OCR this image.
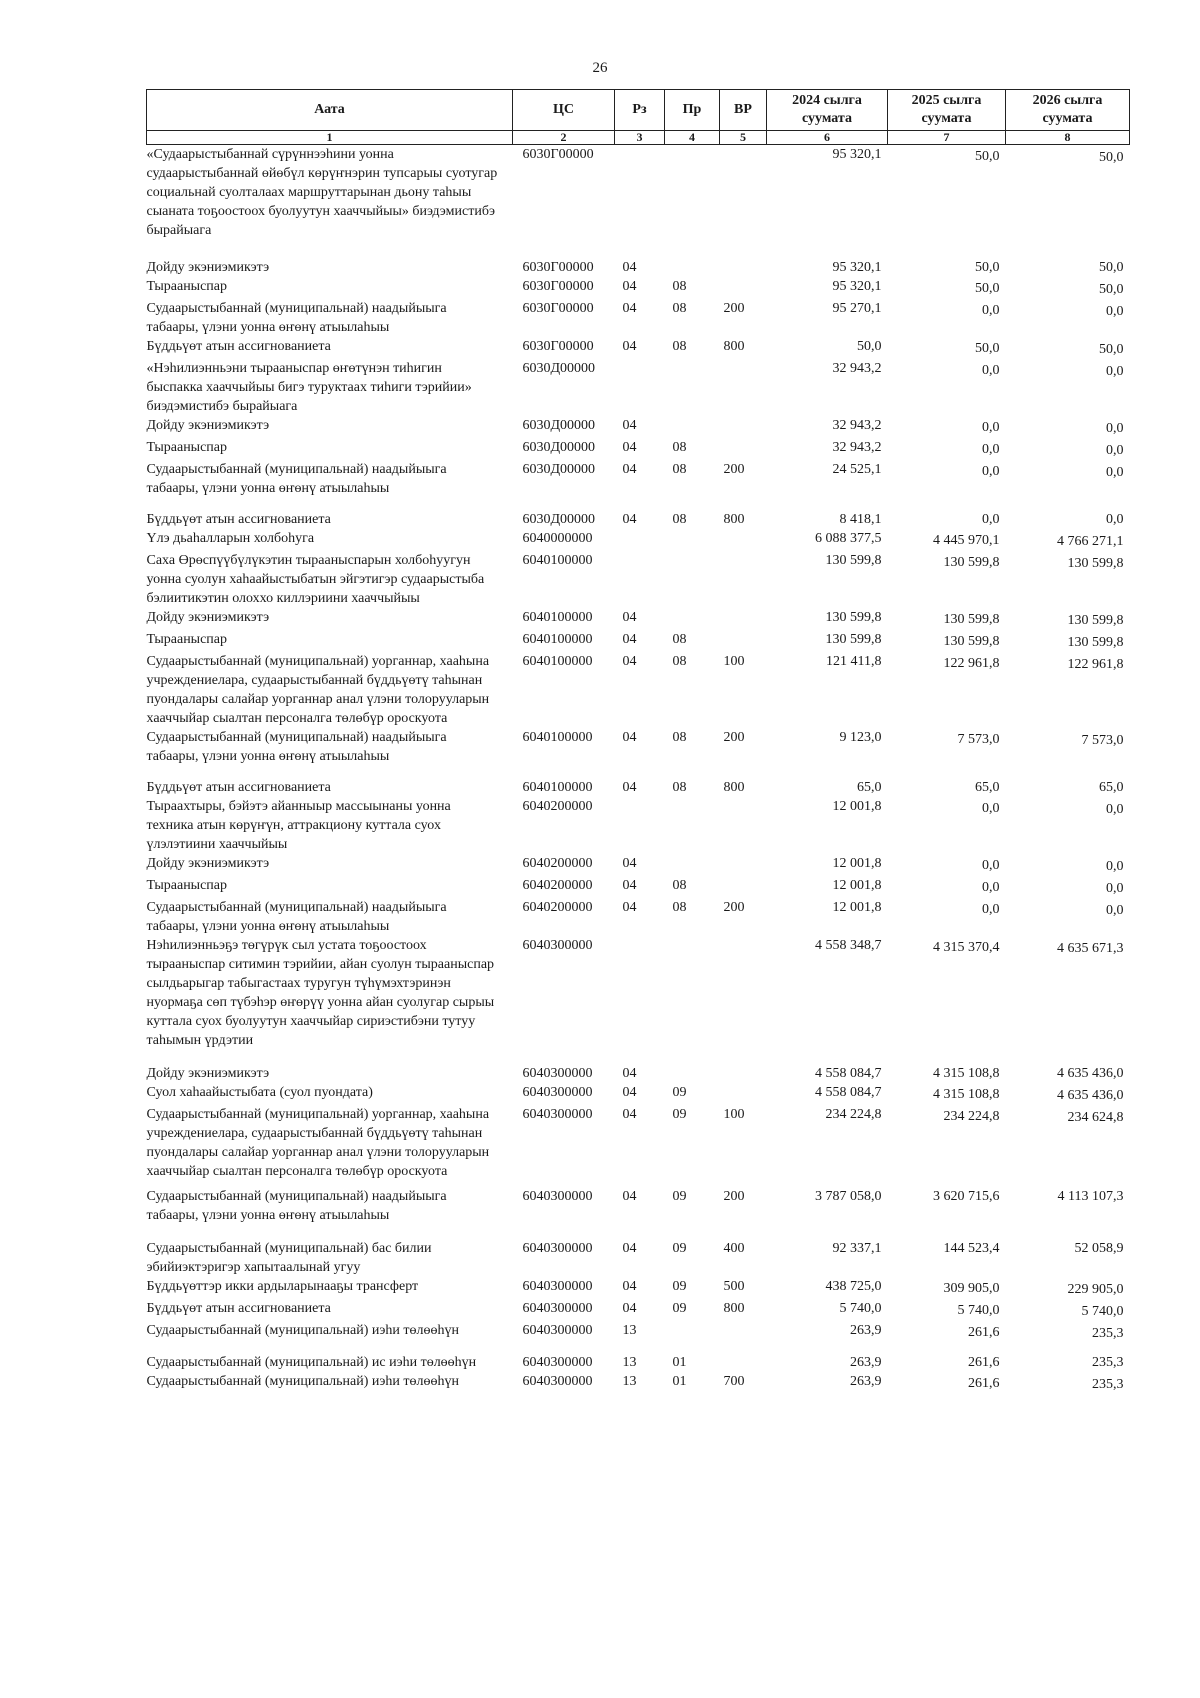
26
Аата	ЦС	Рз	Пр	ВР	2024 сылга суумата	2025 сылга суумата	2026 сылга суумата
1	2	3	4	5	6	7	8
«Судаарыстыбаннай сүрүннээhини уонна судаарыстыбаннай өйөбүл көрүҥнэрин тупсарыы суотугар социальнай суолталаах маршруттарынан дьону таhыы сыаната тоҕоостоох буолуутун хааччыйыы» биэдэмистибэ бырайыага	6030Г00000				95 320,1	50,0	50,0
Дойду экэниэмикэтэ	6030Г00000	04			95 320,1	50,0	50,0
Тырааныспар	6030Г00000	04	08		95 320,1	50,0	50,0
Судаарыстыбаннай (муниципальнай) наадыйыыга табаары, үлэни уонна өҥөнү атыылаhыы	6030Г00000	04	08	200	95 270,1	0,0	0,0
Бүддьүөт атын ассигнованиета	6030Г00000	04	08	800	50,0	50,0	50,0
«Нэhилиэнньэни тырааныспар өҥөтүнэн тиhигин быспакка хааччыйыы бигэ туруктаах тиhиги тэрийии» биэдэмистибэ бырайыага	6030Д00000				32 943,2	0,0	0,0
Дойду экэниэмикэтэ	6030Д00000	04			32 943,2	0,0	0,0
Тырааныспар	6030Д00000	04	08		32 943,2	0,0	0,0
Судаарыстыбаннай (муниципальнай) наадыйыыга табаары, үлэни уонна өҥөнү атыылаhыы	6030Д00000	04	08	200	24 525,1	0,0	0,0
Бүддьүөт атын ассигнованиета	6030Д00000	04	08	800	8 418,1	0,0	0,0
Үлэ дьаhалларын холбоhуга	6040000000				6 088 377,5	4 445 970,1	4 766 271,1
Саха Өрөспүүбүлүкэтин тырааныспарын холбоhуугун уонна суолун хаhаайыстыбатын эйгэтигэр судаарыстыба бэлиитикэтин олоххо киллэриини хааччыйыы	6040100000				130 599,8	130 599,8	130 599,8
Дойду экэниэмикэтэ	6040100000	04			130 599,8	130 599,8	130 599,8
Тырааныспар	6040100000	04	08		130 599,8	130 599,8	130 599,8
Судаарыстыбаннай (муниципальнай) уорганнар, хааhына учреждениелара, судаарыстыбаннай бүддьүөтү таhынан пуондалары салайар уорганнар анал үлэни толорууларын хааччыйар сыалтан персоналга төлөбүр ороскуота	6040100000	04	08	100	121 411,8	122 961,8	122 961,8
Судаарыстыбаннай (муниципальнай) наадыйыыга табаары, үлэни уонна өҥөнү атыылаhыы	6040100000	04	08	200	9 123,0	7 573,0	7 573,0
Бүддьүөт атын ассигнованиета	6040100000	04	08	800	65,0	65,0	65,0
Тыраахтыры, бэйэтэ айанныыр массыынаны уонна техника атын көрүҥүн, аттракциону куттала суох үлэлэтиини хааччыйыы	6040200000				12 001,8	0,0	0,0
Дойду экэниэмикэтэ	6040200000	04			12 001,8	0,0	0,0
Тырааныспар	6040200000	04	08		12 001,8	0,0	0,0
Судаарыстыбаннай (муниципальнай) наадыйыыга табаары, үлэни уонна өҥөнү атыылаhыы	6040200000	04	08	200	12 001,8	0,0	0,0
Нэhилиэнньэҕэ төгүрүк сыл устата тоҕоостоох тырааныспар ситимин тэрийии, айан суолун тырааныспар сылдьарыгар табыгастаах туругун түhүмэхтэринэн нуормаҕа сөп түбэhэр өҥөрүү уонна айан суолугар сырыы куттала суох буолуутун хааччыйар сириэстибэни тутуу таhымын үрдэтии	6040300000				4 558 348,7	4 315 370,4	4 635 671,3
Дойду экэниэмикэтэ	6040300000	04			4 558 084,7	4 315 108,8	4 635 436,0
Суол хаhаайыстыбата (суол пуондата)	6040300000	04	09		4 558 084,7	4 315 108,8	4 635 436,0
Судаарыстыбаннай (муниципальнай) уорганнар, хааhына учреждениелара, судаарыстыбаннай бүддьүөтү таhынан пуондалары салайар уорганнар анал үлэни толорууларын хааччыйар сыалтан персоналга төлөбүр ороскуота	6040300000	04	09	100	234 224,8	234 224,8	234 624,8
Судаарыстыбаннай (муниципальнай) наадыйыыга табаары, үлэни уонна өҥөнү атыылаhыы	6040300000	04	09	200	3 787 058,0	3 620 715,6	4 113 107,3
Судаарыстыбаннай (муниципальнай) бас билии эбийиэктэригэр хапытаалынай угуу	6040300000	04	09	400	92 337,1	144 523,4	52 058,9
Бүддьүөттэр икки ардыларынааҕы трансферт	6040300000	04	09	500	438 725,0	309 905,0	229 905,0
Бүддьүөт атын ассигнованиета	6040300000	04	09	800	5 740,0	5 740,0	5 740,0
Судаарыстыбаннай (муниципальнай) иэhи төлөөhүн	6040300000	13			263,9	261,6	235,3
Судаарыстыбаннай (муниципальнай) ис иэhи төлөөhүн	6040300000	13	01		263,9	261,6	235,3
Судаарыстыбаннай (муниципальнай) иэhи төлөөhүн	6040300000	13	01	700	263,9	261,6	235,3
